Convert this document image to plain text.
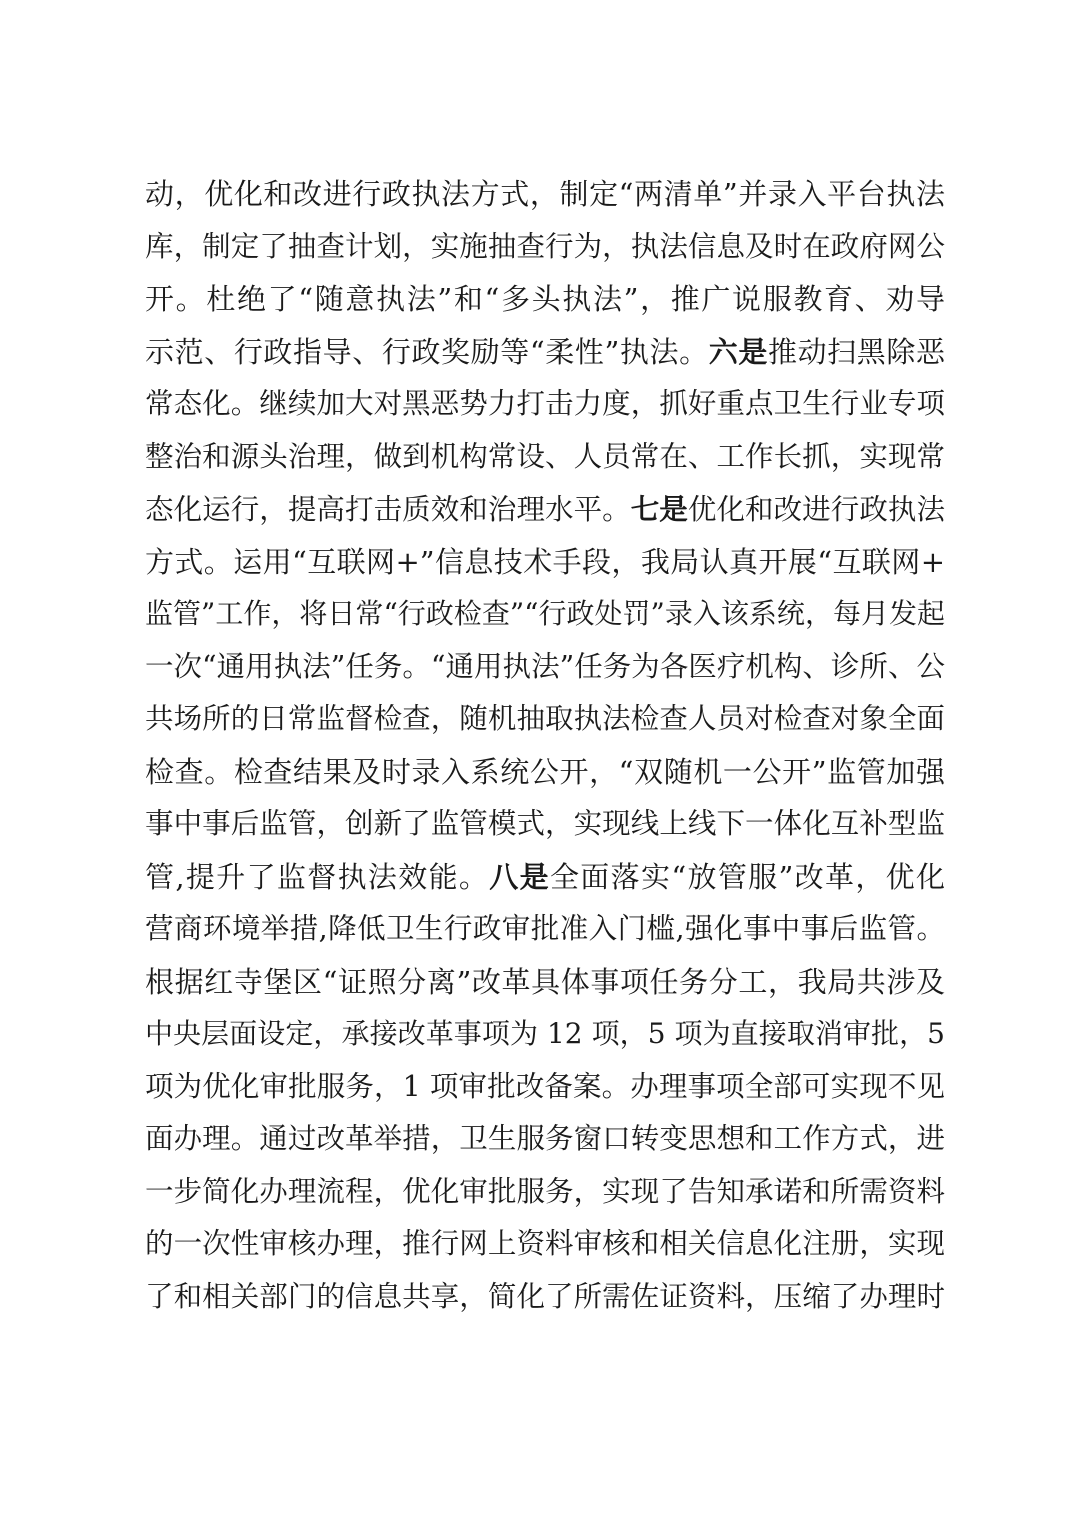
动，优化和改进行政执法方式，制定“两清单”并录入平台执法
库，制定了抽查计划，实施抽查行为，执法信息及时在政府网公
开。杜绝了“随意执法”和“多头执法”，推广说服教育、劝导
示范、行政指导、行政奖励等“柔性”执法。六是推动扫黑除恶
常态化。继续加大对黑恶势力打击力度，抓好重点卫生行业专项
整治和源头治理，做到机构常设、人员常在、工作长抓，实现常
态化运行，提高打击质效和治理水平。七是优化和改进行政执法
方式。运用“互联网+”信息技术手段，我局认真开展“互联网+
监管”工作，将日常“行政检查”“行政处罚”录入该系统，每月发起
一次“通用执法”任务。“通用执法”任务为各医疗机构、诊所、公
共场所的日常监督检查，随机抽取执法检查人员对检查对象全面
检查。检查结果及时录入系统公开，“双随机一公开”监管加强
事中事后监管，创新了监管模式，实现线上线下一体化互补型监
管,提升了监督执法效能。八是全面落实“放管服”改革，优化
营商环境举措,降低卫生行政审批准入门槛,强化事中事后监管。
根据红寺堡区“证照分离”改革具体事项任务分工，我局共涉及
中央层面设定，承接改革事项为 12 项，5 项为直接取消审批，5
项为优化审批服务，1 项审批改备案。办理事项全部可实现不见
面办理。通过改革举措，卫生服务窗口转变思想和工作方式，进
一步简化办理流程，优化审批服务，实现了告知承诺和所需资料
的一次性审核办理，推行网上资料审核和相关信息化注册，实现
了和相关部门的信息共享，简化了所需佐证资料，压缩了办理时
